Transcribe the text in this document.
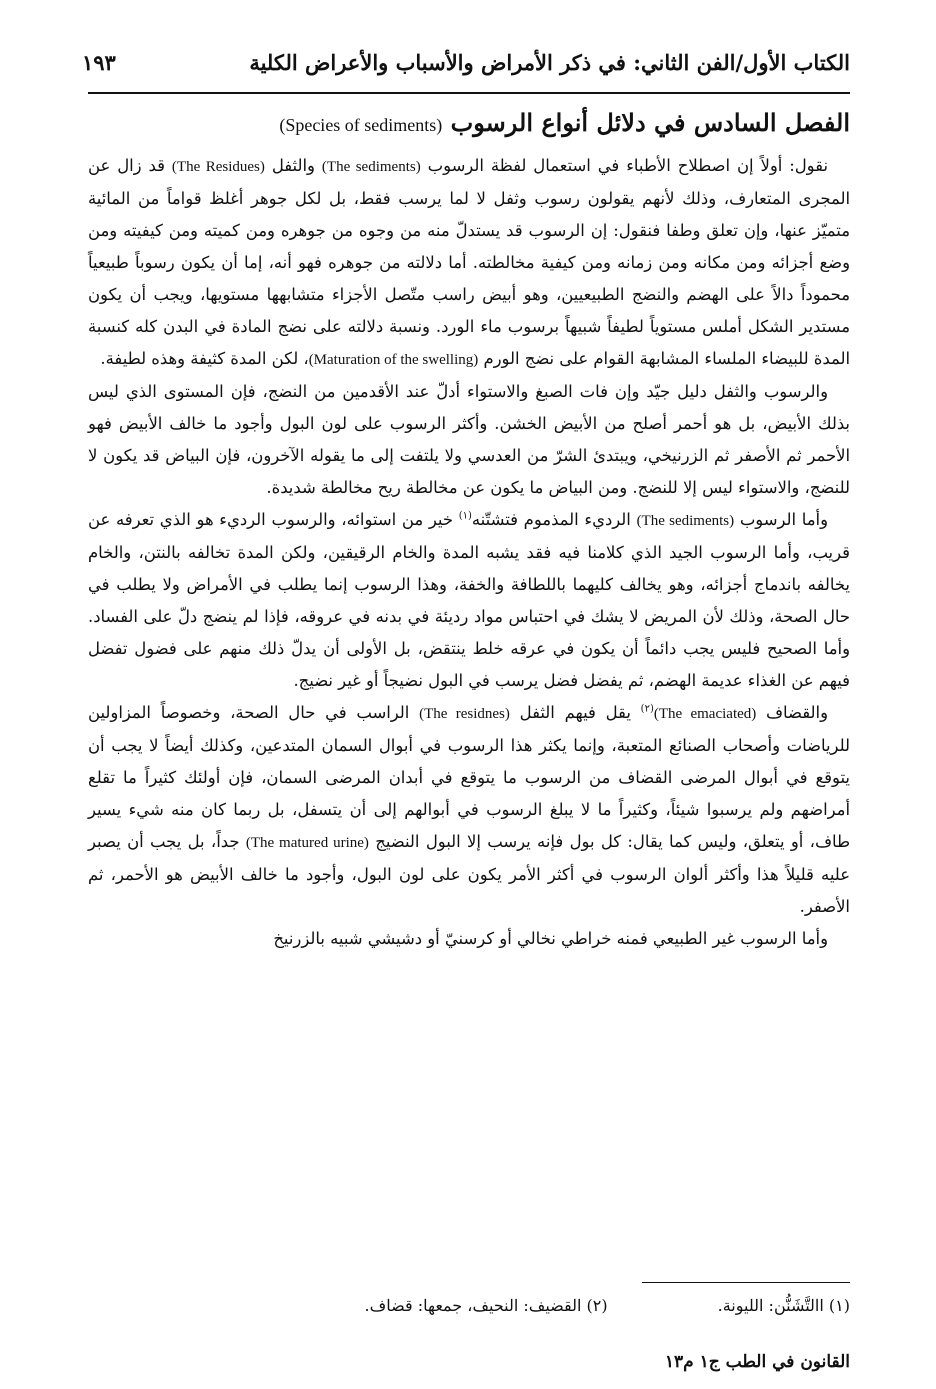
الكتاب الأول/الفن الثاني: في ذكر الأمراض والأسباب والأعراض الكلية
١٩٣
الفصل السادس في دلائل أنواع الرسوب (Species of sediments)

نقول: أولاً إن اصطلاح الأطباء في استعمال لفظة الرسوب (The sediments) والثفل (The Residues) قد زال عن المجرى المتعارف، وذلك لأنهم يقولون رسوب وثفل لا لما يرسب فقط، بل لكل جوهر أغلظ قواماً من المائية متميّز عنها، وإن تعلق وطفا فنقول: إن الرسوب قد يستدلّ منه من وجوه من جوهره ومن كميته ومن كيفيته ومن وضع أجزائه ومن مكانه ومن زمانه ومن كيفية مخالطته. أما دلالته من جوهره فهو أنه، إما أن يكون رسوباً طبيعياً محموداً دالاً على الهضم والنضج الطبيعيين، وهو أبيض راسب متّصل الأجزاء متشابهها مستويها، ويجب أن يكون مستدير الشكل أملس مستوياً لطيفاً شبيهاً برسوب ماء الورد. ونسبة دلالته على نضج المادة في البدن كله كنسبة المدة للبيضاء الملساء المشابهة القوام على نضج الورم (Maturation of the swelling)، لكن المدة كثيفة وهذه لطيفة.

والرسوب والثفل دليل جيّد وإن فات الصبغ والاستواء أدلّ عند الأقدمين من النضج، فإن المستوى الذي ليس بذلك الأبيض، بل هو أحمر أصلح من الأبيض الخشن. وأكثر الرسوب على لون البول وأجود ما خالف الأبيض فهو الأحمر ثم الأصفر ثم الزرنيخي، ويبتدئ الشرّ من العدسي ولا يلتفت إلى ما يقوله الآخرون، فإن البياض قد يكون لا للنضج، والاستواء ليس إلا للنضج. ومن البياض ما يكون عن مخالطة ريح مخالطة شديدة.

وأما الرسوب (The sediments) الرديء المذموم فتشتّنه$^{(١)}$ خير من استوائه، والرسوب الرديء هو الذي تعرفه عن قريب، وأما الرسوب الجيد الذي كلامنا فيه فقد يشبه المدة والخام الرقيقين، ولكن المدة تخالفه بالنتن، والخام يخالفه باندماج أجزائه، وهو يخالف كليهما باللطافة والخفة، وهذا الرسوب إنما يطلب في الأمراض ولا يطلب في حال الصحة، وذلك لأن المريض لا يشك في احتباس مواد رديئة في بدنه في عروقه، فإذا لم ينضج دلّ على الفساد. وأما الصحيح فليس يجب دائماً أن يكون في عرقه خلط ينتقض، بل الأولى أن يدلّ ذلك منهم على فضول تفضل فيهم عن الغذاء عديمة الهضم، ثم يفضل فضل يرسب في البول نضيجاً أو غير نضيج.

والقضاف (The emaciated)$^{(٢)}$ يقل فيهم الثفل (The residnes) الراسب في حال الصحة، وخصوصاً المزاولين للرياضات وأصحاب الصنائع المتعبة، وإنما يكثر هذا الرسوب في أبوال السمان المتدعين، وكذلك أيضاً لا يجب أن يتوقع في أبوال المرضى القضاف من الرسوب ما يتوقع في أبدان المرضى السمان، فإن أولئك كثيراً ما تقلع أمراضهم ولم يرسبوا شيئاً، وكثيراً ما لا يبلغ الرسوب في أبوالهم إلى أن يتسفل، بل ربما كان منه شيء يسير طاف، أو يتعلق، وليس كما يقال: كل بول فإنه يرسب إلا البول النضيج (The matured urine) جداً، بل يجب أن يصبر عليه قليلاً هذا وأكثر ألوان الرسوب في أكثر الأمر يكون على لون البول، وأجود ما خالف الأبيض هو الأحمر، ثم الأصفر.

وأما الرسوب غير الطبيعي فمنه خراطي نخالي أو كرسنيّ أو دشيشي شبيه بالزرنيخ

(١) االتَّشَنُّن: الليونة.
(٢) القضيف: النحيف، جمعها: قضاف.
القانون في الطب ج١ م١٣
